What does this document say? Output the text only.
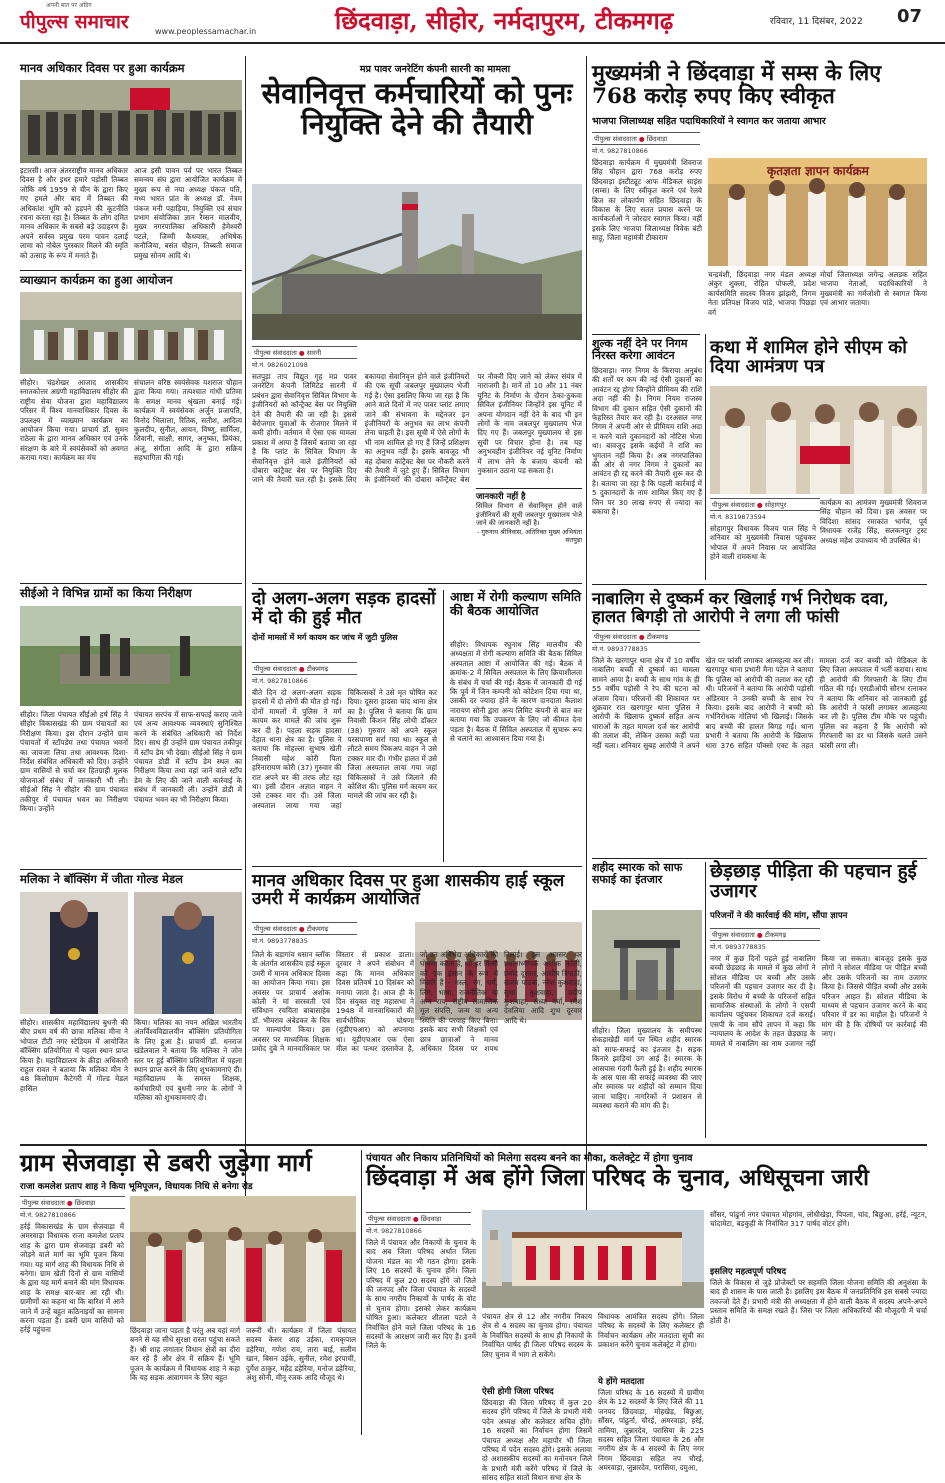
अपनी बात पर अडिग
पीपुल्स समाचार	www.peoplessamachar.in	छिंदवाड़ा, सीहोर, नर्मदापुरम, टीकमगढ़	रविवार, 11 दिसंबर, 2022 07
मानव अधिकार दिवस पर हुआ कार्यक्रम
इटारसी। आज अंतरराष्ट्रीय मानव अधिकार दिवस है और इधर हमारे पड़ोसी तिब्बत जोकि वर्ष 1959 से चीन के द्वारा किए गए हमले और बाद में तिब्बत की अधिकांश भूमि को हड़पने की कूटनीति रचना करता रहा है। तिब्बत के लोग दमित मानव अधिकार के सबसे बड़े उदाहरण हैं। अपने सर्वस्व प्रमुख परम पावन दलाई लामा को नोबेल पुरस्कार मिलने की स्मृति को उत्साह के रूप में मनाते हैं।
आज इसी पावन पर्व पर भारत तिब्बत समन्वय संघ द्वारा आयोजित कार्यक्रम में मुख्य रूप से नया अध्यक्ष पंकज पति, मध्य भारत प्रांत के अध्यक्ष डॉ. नेत्रम पंकज मनी पहाड़िया, नियुक्ति एवं संचार प्रभाग संयोजिका ज्ञान रैम्सन मालवीय, मुख्य नगरपालिका अधिकारी हेमेश्वरी पटले, जिम्मी कैथवास, अभिषेक कनौजिया, बसंत चौहान, तिब्बती समाज प्रमुख सोनम आदि थे।
व्याख्यान कार्यक्रम का हुआ आयोजन
सीहोर। चंद्रशेखर आजाद शासकीय स्नातकोत्तर अग्रणी महाविद्यालय सीहोर की राष्ट्रीय सेवा योजना द्वारा महाविद्यालय परिसर में विश्व मानवाधिकार दिवस के उपलक्ष्य में व्याख्यान कार्यक्रम का आयोजन किया गया। प्राचार्य डॉ. सुमन राठेला के द्वारा मानव अधिकार एवं उनके संरक्षण के बारे में स्वयंसेवकों को अवगत कराया गया। कार्यक्रम का मंच
संचालन वरिष्ठ स्वयंसेवक यशराज चौहान द्वारा किया गया। तत्पश्चात गांधी प्रतिमा के समक्ष मानव श्रृंखला बनाई गई। कार्यक्रम में स्वयंसेवक अर्जुन प्रजापति, विनोद भिलाला, रितिक, सतीश, आदित्य कुलदीप, सुनील, आयन, विष्णु, सार्मिला, शिवानी, साक्षी, सागर, अनुष्का, प्रियंका, अंजू, संगीता आदि के द्वारा सक्रिय सहभागिता की गई।
सीईओ ने विभिन्न ग्रामों का किया निरीक्षण
सीहोर। जिला पंचायत सीईओ हर्ष सिंह ने सीहोर विकासखंड की ग्राम पंचायतों का निरीक्षण किया। इस दौरान उन्होंने ग्राम पंचायतों में स्टॉपडेम तथा पंचायत भवनों का जायजा लिया तथा आवश्यक दिशा-निर्देश संबंधित अधिकारी को दिए। उन्होंने ग्राम वासियों से चर्चा कर हितग्राही मूलक योजनाओं संबंध में जानकारी भी ली। सीईओ सिंह ने सीहोर की ग्राम पंचायत तकीपुर में पंचायत भवन का निरीक्षण किया। उन्होंने
पंचायत सरपंच में साफ-सफाई कराए जाने एवं अन्य आवश्यक व्यवस्थाएं सुनिश्चित करने के संबंधित अधिकारी को निर्देश दिए। साथ ही उन्होंने ग्राम पंचायत तकीपुर में स्टॉप डेम भी देखा। सीईओ सिंह ने ग्राम पंचायत डोडी में स्टॉप डेम स्थल का निरीक्षण किया तथा वहां जाने वाले स्टॉप डेम के लिए की जाने वाली कार्रवाई के संबंध में जानकारी ली। उन्होंने डोडी में पंचायत भवन का भी निरीक्षण किया।
मलिका ने बॉक्सिंग में जीता गोल्ड मेडल
सीहोर। शासकीय महाविद्यालय बुधनी की बीए प्रथम वर्ष की छात्रा मलिका मीना ने भोपाल टीटी नगर स्टेडियम में आयोजित बॉक्सिंग प्रतियोगिता में पहला स्थान प्राप्त किया है। महाविद्यालय के क्रीड़ा अधिकारी राहुल रावत ने बताया कि मलिका मीन ने 48 किलोग्राम कैटेगरी में गोल्ड मेडल हासिल
किया। मलिका का नयन अखिल भारतीय अंतर्विश्वविद्यालयीन बॉक्सिंग प्रतियोगिता के लिए हुआ है। प्राचार्य डॉ. धनराज खंडेलवाल ने बताया कि मलिका ने जोन स्तर पर हुई बॉक्सिंग प्रतियोगिता में पहला स्थान प्राप्त करने के लिए शुभकामनाएं दी। महाविद्यालय के समस्त शिक्षक, कर्मचारियों एवं बुधनी नगर के लोगों ने मलिका को शुभकामनाएं दी।
मप्र पावर जनरेटिंग कंपनी सारनी का मामला
सेवानिवृत्त कर्मचारियों को पुनः नियुक्ति देने की तैयारी
पीपुल्स संवाददाता ● सारनी
मो.नं. 9826021098
सतपुड़ा ताप विद्युत गृह मप्र पावर जनरेटिंग कंपनी लिमिटेड सारनी में प्रबंधन द्वारा सेवानिवृत्त सिविल विभाग के इंजीनियरों को कॉन्ट्रैक्ट बेस पर नियुक्ति देने की तैयारी की जा रही है। इससे बेरोजगार युवाओं के रोजगार मिलने में कमी होगी। वर्तमान में ऐसा एक मामला प्रकाश में आया है जिसमें बताया जा रहा है कि प्लांट के सिविल विभाग के सेवानिवृत्त होने वाले इंजीनियरों को दोबारा कांट्रैक्ट बेस पर नियुक्ति दिए जाने की तैयारी चल रही है। इसके लिए बकायदा सेवानिवृत्त होने वाले इंजीनियरों की एक सूची जबलपुर मुख्यालय भेजी गई है। ऐसा इसलिए किया जा रहा है कि आने वाले दिनों में नए पावर प्लांट लगाए जाने की संभावना के मद्देनजर इन इंजीनियरों के अनुभव का लाभ कंपनी लेना चाहती है। इस सूची में ऐसे लोगों के भी नाम शामिल हो गए हैं जिन्हें प्रशिक्षण का अनुभव नहीं है। इसके बावजूद भी वह दोबारा कांट्रैक्ट बेस पर नौकरी करने की तैयारी में जुटे हुए हैं। सिविल विभाग के इंजीनियरों की दोबारा कॉन्ट्रैक्ट बेस पर नौकरी दिए जाने को लेकर संयंत्र में नाराजगी है। मानें तो 10 और 11 नंबर यूनिट के निर्माण के दौरान ठेका-ठुकवा सिविल इंजीनियर जिन्होंने इस यूनिट में अपना योगदान नहीं देने के बाद भी इन लोगों के नाम जबलपुर मुख्यालय भेज दिए गए हैं। जबलपुर मुख्यालय से इस सूची पर विचार होना है। तब यह अनुभवहीन इंजीनियर नई यूनिट निर्माण में लाभ लेने के बजाय कंपनी को नुकसान उठाना पड़ सकता है।
जानकारी नहीं है
सिविल विभाग से सेवानिवृत्त होने वाले इंजीनियरों की सूची जबलपुर मुख्यालय भेजे जाने की जानकारी नहीं है।
- गुरुनाथ श्रीनिवास, अतिरिक्त मुख्य अभियंता सतपुड़ा
दो अलग-अलग सड़क हादसों में दो की हुई मौत
दोनों मामलों में मर्ग कायम कर जांच में जुटी पुलिस
पीपुल्स संवाददाता ● टीकमगढ़
मो.नं. 9827810866
बीते दिन दो अलग-अलग सड़क हादसों में दो लोगों की मौत हो गई। दोनों मामलों में पुलिस ने मर्ग कायम कर मामले की जांच शुरू कर दी है। पहला सड़क हादसा देहात थाना क्षेत्र का है। पुलिस ने बताया कि मोहल्ला सुभाष खेती निवासी महेश कोरी पिता हरिनारायण कोरी (37) गुरुवार की रात अपने घर की तरफ लौट रहा था। इसी दौरान अज्ञात वाहन ने उसे टक्कर मार दी। उसे जिला अस्पताल लाया गया जहां चिकित्सकों ने उसे मृत घोषित कर दिया। दूसरा हादसा चांद थाना क्षेत्र का है। पुलिस ने बताया कि ग्राम निवासी किशन सिंह लोधी डॉक्टर (38) गुरुवार को अपने स्कूल परसपाणा सर्रा गया था। स्कूल से लौटते समय पिकअप वाहन ने उसे टक्कर मार दी। गंभीर हालत में उसे जिला अस्पताल लाया गया जहां चिकित्सकों ने उसे जिलाने की कोशिश की। पुलिस मर्ग कायम कर मामले की जांच कर रही है।
आष्टा में रोगी कल्याण समिति की बैठक आयोजित
सीहोर। विधायक रघुनाथ सिंह मालवीय की अध्यक्षता में रोगी कल्याण समिति की बैठक सिविल अस्पताल आष्टा में आयोजित की गई। बैठक में क्रमांक-2 में सिविल अस्पताल के लिए क्रियाशीलता के संबंध में चर्चा की गई। बैठक में जानकारी दी गई कि पूर्व में जिन कम्पनी को कोटेशन दिया गया था, उसकी दर ज्यादा होने के कारण दानदाता कैलाश नारायण सोनी द्वारा अन्य लिमिट कंपनी से बात कर बताया गया कि उपकरण के लिए जो कीमत देना पड़ता है। बैठक में सिविल अस्पताल में सुचारू रूप से चलाने का आश्वासन दिया गया है।
मानव अधिकार दिवस पर हुआ शासकीय हाई स्कूल उमरी में कार्यक्रम आयोजित
पीपुल्स संवाददाता ● टीकमगढ़
मो.नं. 9893778835
जिले के बड़ागांव धसान ब्लॉक के अंतर्गत शासकीय हाई स्कूल उमरी में मानव अधिकार दिवस का आयोजन किया गया। इस अवसर पर प्राचार्य अशोक कोली ने मां सरस्वती एवं संविधान रचयिता बाबासाहेब डॉ. भीमराव अंबेडकर के चित्र पर माल्यार्पण किया। इस अवसर पर माध्यमिक शिक्षक प्रमोद दुबे ने मानवाधिकार पर विस्तार से प्रकाश डाला। दूरवार ने अपने संबोधन में कहा कि मानव अधिकार दिवस प्रतिवर्ष 10 दिसंबर को मनाया जाता है। आज ही के दिन संयुक्त राष्ट्र महासभा ने 1948 में मानवाधिकारों की सार्वभौमिक घोषणा (यूडीएचआर) को अपनाया था। यूडीएचआर एक ऐसा मील का पत्थर दस्तावेज है, जो उन अविभेद्य अधिकारों की घोषणा करता है, जो हर किसी को एक इंसान के रूप में मिलते हैं - नस्ल, रंग, धर्म, लिंग, भाषा, राजनीतिक या अन्य राय, राष्ट्रीय सामाजिक मूल संपत्ति, जन्म या अन्य स्थिति की परवाह किए बिना। इसके बाद सभी शिक्षकों एवं छात्र छात्राओं ने मानव अधिकार दिवस पर शपथ दिलाई। इस अवसर पर प्रधानाध्यापक अशोक कोली, प्रमोद दूरवार, आशीष त्रिपाठी, संजय पाठक, नरेश कुशवाहा, सुधा कुशवाहा, प्रदीप कुशवाहा, संध्या वर्मा, रमेश देवलिया आदि शुभ दूरवार आदि थे।
मुख्यमंत्री ने छिंदवाड़ा में सम्स के लिए 768 करोड़ रुपए किए स्वीकृत
भाजपा जिलाध्यक्ष सहित पदाधिकारियों ने स्वागत कर जताया आभार
पीपुल्स संवाददाता ● छिंदवाड़ा
मो.नं. 9827810866
छिंदवाड़ा कार्यक्रम में मुख्यमंत्री शिवराज सिंह चौहान द्वारा 768 करोड़ रुपए छिंदवाड़ा इंस्टीट्यूट आफ मेडिकल साइंस (सम्स) के लिए स्वीकृत करने एवं रेलवे ब्रिज का लोकार्पण सहित छिंदवाड़ा के विकास के लिए सतत प्रयास करने पर कार्यकर्ताओं ने जोरदार स्वागत किया। वहीं इसके लिए भाजपा जिलाध्यक्ष विवेक बंटी साहू, जिला महामंत्री टीकाराम
कृतज्ञता ज्ञापन कार्यक्रम
चन्द्रवंशी, छिंदवाड़ा नगर मंडल अध्यक्ष अंकुर शुक्ला, रोहित पोफली, प्रदेश कार्यसमिति सदस्य विजय झांझरी, निगम नेता प्रतिपक्ष विजय पांडे, भाजपा पिछड़ा वर्ग
मोर्चा जिलाध्यक्ष जगेन्द्र अलडक सहित भाजपा नेताओं, पदाधिकारियों ने मुख्यमंत्री का गर्मजोशी से स्वागत किया एवं आभार जताया।
शुल्क नहीं देने पर निगम निरस्त करेगा आवंटन
छिंदवाड़ा। नगर निगम के किराया अनुबंध की शर्तों पर कम की नई ऐसी दुकानों का आवंटन रद्द होगा जिन्होंने प्रीमियम की राशि अदा नहीं की है। निगम नियम राजस्व विभाग की दुकान सहित ऐसी दुकानों की फेहरिस्त तैयार कर रही है। दरअसल नगर निगम ने अपनी ओर से प्रीमियम राशि अदा न करने वाले दुकानदारों को नोटिस भेजा था। बावजूद इसके कईयों ने राशि का भुगतान नहीं किया है। अब नगरपालिका की ओर से नगर निगम ने दुकानों का आवंटन ही रद्द करने की तैयारी शुरू कर दी है। बताया जा रहा है कि पहली कार्रवाई में 5 दुकानदारों के नाम शामिल किए गए हैं जिन पर 30 लाख रुपए से ज्यादा का बकाया है।
कथा में शामिल होने सीएम को दिया आमंत्रण पत्र
पीपुल्स संवाददाता ● सोहागपुर
मो.नं. 8319873594
सोहागपुर विधायक विजय पाल सिंह ने शनिवार को मुख्यमंत्री निवास पहुंचकर भोपाल में अपने निवास पर आयोजित होने वाली रामकथा के
कार्यक्रम का आमंत्रण मुख्यमंत्री शिवराज सिंह चौहान को दिया। इस अवसर पर विदिशा सांसद रमाकांत भार्गव, पूर्व विधायक राजेंद्र सिंह, सलकनपुर ट्रस्ट अध्यक्ष महेश उपाध्याय भी उपस्थित थे।
नाबालिग से दुष्कर्म कर खिलाई गर्भ निरोधक दवा, हालत बिगड़ी तो आरोपी ने लगा ली फांसी
पीपुल्स संवाददाता ● टीकमगढ़
मो.नं. 9893778835
जिले के खरगापुर थाना क्षेत्र में 10 वर्षीय नाबालिग बच्ची से दुष्कर्म का मामला सामने आया है। बच्ची के साथ गांव के ही 55 वर्षीय पड़ोसी ने रेप की घटना को अंजाम दिया। परिजनों की शिकायत पर शुक्रवार रात खरगापुर थाना पुलिस ने आरोपी के खिलाफ दुष्कर्म सहित अन्य धाराओं के तहत मामला दर्ज कर आरोपी की तलाश की, लेकिन उसका कहीं पता नहीं चला। शनिवार सुबह आरोपी ने अपने खेत पर फांसी लगाकर आत्महत्या कर ली। खरगापुर थाना प्रभारी मैना पटेल ने बताया कि पुलिस को आरोपी की तलाश कर रही थी। परिजनों ने बताया कि आरोपी पड़ोसी अंडिरवार ने उनकी बच्ची के साथ रेप किया। इसके बाद आरोपी ने बच्ची को गर्भनिरोधक गोलियां भी खिलाई। जिसके बाद बच्ची की हालत बिगड़ गई। थाना प्रभारी ने बताया कि आरोपी के खिलाफ धारा 376 सहित पॉक्सो एक्ट के तहत मामला दर्ज कर बच्ची को मेडिकल के लिए जिला अस्पताल में भर्ती कराया। साथ ही आरोपी की गिरफ्तारी के लिए टीम गठित की गई। एसडीओपी सौरभ रत्नाकर ने बताया कि शनिवार को जानकारी हुई कि आरोपी ने फांसी लगाकर आत्महत्या कर ली है। पुलिस टीम मौके पर पहुंची। पुलिस का कहना है कि आरोपी को गिरफ्तारी का डर था जिसके चलते उसने फांसी लगा ली।
शहीद स्मारक को साफ सफाई का इंतजार
सीहोर। जिला मुख्यालय के समीपस्थ सेकड़ाखेड़ी मार्ग पर स्थित शहीद स्मारक को साफ-सफाई का इंतजार है। सड़क किनारे झाड़ियां उग आई हैं। स्मारक के आसपास गंदगी फैली हुई है। शहीद स्मारक के आस पास की सफाई व्यवस्था की जाए और स्मारक पर शहीदों को सम्मान दिया जाना चाहिए। नागरिकों ने प्रशासन से व्यवस्था कराने की मांग की है।
छेड़छाड़ पीड़िता की पहचान हुई उजागर
परिजनों ने की कार्रवाई की मांग, सौंपा ज्ञापन
पीपुल्स संवाददाता ● टीकमगढ़
मो.नं. 9893778835
नगर में कुछ दिनों पहले हुई नाबालिग बच्ची छेड़छाड़ के मामले में कुछ लोगों ने सोशल मीडिया पर बच्ची और उसके परिजनों की पहचान उजागर कर दी है। इसके विरोध में बच्ची के परिजनों सहित सामाजिक संस्थाओं के लोगों ने एसपी कार्यालय पहुंचकर शिकायत दर्ज कराई। एसपी के नाम सौंपे ज्ञापन में कहा कि न्यायालय के आदेश के तहत छेड़छाड़ के मामले में नाबालिग का नाम उजागर नहीं किया जा सकता। बावजूद इसके कुछ लोगों ने सोशल मीडिया पर पीड़ित बच्ची और उसके परिजनों का नाम उजागर किया है। जिससे पीड़ित बच्ची और उसके परिजन आहत हैं। सोशल मीडिया के माध्यम से पहचान उजागर करने के बाद परिवार में डर का माहौल है। परिजनों ने मांग की है कि दोषियों पर कार्रवाई की जाए।
ग्राम सेजवाड़ा से डबरी जुड़ेगा मार्ग
राजा कमलेश प्रताप शाह ने किया भूमिपूजन, विधायक निधि से बनेगा रोड
पीपुल्स संवाददाता ● छिंदवाड़ा
मो.नं. 9827810866
हर्रई विकासखंड के ग्राम सेजवाड़ा में अमरवाड़ा विधायक राजा कमलेश प्रताप शाह के द्वारा ग्राम सेजवाड़ा डबरी को जोड़ने वाले मार्ग का भूमि पूजन किया गया। यह मार्ग शाह की विधायक निधि से बनेगा। ग्राम खेती दिनों से ग्राम वासियों के द्वारा यह मार्ग बनाने की मांग विधायक शाह के समक्ष बार-बार आ रही थी। ग्रामीणों का कहना था कि बारिश में आने जाने में उन्हें बहुत कठिनाइयों का सामना करना पड़ता है। डबरी ग्राम वासियों को हर्रई पहुंचना	छिंदवाड़ा जाना पड़ता है परंतु अब यहां मार्ग बनने से यह सीधे सुरक्षा रास्ता पहुंचा सकते हैं। श्री शाह लगातार विधान क्षेत्रों का दौरा कर रहे हैं और क्षेत्र में सक्रिय हैं। भूमि पूजन के कार्यक्रम में विधायक शाह ने कहा कि यह सड़क आवागमन के लिए बहुत
जरूरी थी। कार्यक्रम में जिला पंचायत सदस्य केसर शाह उईका, रामकृपाल डहेरिया, गणेश राय, तारा बाई, सलीम खान, बिसन उईके, सुनील, रमेश इरपाची, दुर्गेश ठाकुर, महेंद्र डहेरिया, मनोज डहेरिया, अंशु सोनी, मीनू रजक आदि मौजूद थे।
पंचायत और निकाय प्रतिनिधियों को मिलेगा सदस्य बनने का मौका, कलेक्ट्रेट में होगा चुनाव
छिंदवाड़ा में अब होंगे जिला परिषद के चुनाव, अधिसूचना जारी
पीपुल्स संवाददाता ● छिंदवाड़ा
मो.नं. 9827810866
जिले में पंचायत और निकायों के चुनाव के बाद अब जिला परिषद अर्थात जिला योजना मंडल का भी गठन होगा। इसके लिए 16 सदस्यों के चुनाव होंगे। जिला परिषद में कुल 20 सदस्य होंगे जो जिले की जनपद और जिला पंचायत के सदस्यों के साथ नगरीय निकायों के पार्षद के वोट से चुनाव होगा। इसको लेकर कार्यक्रम घोषित हुआ। कलेक्टर शीतला पटले ने निर्वाचित होने वाले जिला परिषद के 16 सदस्यों के आरक्षण जारी कर दिए हैं। इनमें जिले के
पंचायत क्षेत्र से 12 और नगरीय निकाय क्षेत्र से 4 सदस्य का चुनाव होगा। पंचायत के निर्वाचित सदस्यों के साथ ही निकायों के निर्वाचित पार्षद ही जिला परिषद सदस्य के लिए चुनाव में भाग ले सकेंगे।
ऐसी होगी जिला परिषद
छिंदवाड़ा की जिला परिषद में कुल 20 सदस्य होंगे परिषद में जिले के प्रभारी मंत्री पदेन अध्यक्ष और कलेक्टर सचिव होंगे। 16 सदस्यों का निर्वाचन होगा जिसमें पंचायत अध्यक्ष और महापौर भी जिला परिषद में पदेन सदस्य होंगे। इसके अलावा दो अशासकीय सदस्यों का मनोनयन जिले के प्रभारी मंत्री करेंगे परिषद में जिले के सांसद सहित सातों विधान सभा क्षेत्र के
विधायक आमंत्रित सदस्य होंगे। जिला परिषद के सदस्यों के लिए कलेक्टर ही निर्वाचन कार्यक्रम और मतदाता सूची का प्रकाशन करेंगे चुनाव कलेक्ट्रेट में होगा।
ये होंगे मतदाता
जिला परिषद के 16 सदस्यों में ग्रामीण क्षेत्र के 12 सदस्यों के लिए जिले की 11 जनपद छिंदवाड़ा, मोहखेड़, बिछुआ, सौंसर, पांढुर्ना, चौरई, अमरवाड़ा, हर्रई, तामिया, जुन्नारदेव, परासिया के 225 सदस्य सहित जिला पंचायत के 26 और नगरीय क्षेत्र के 4 सदस्यों के लिए नगर निगम छिंदवाड़ा सहित नप चौरई, अमरवाड़ा, जुन्नारदेव, परासिया, दमुआ,
सौंसर, पांढुर्ना नगर पंचायत मोहगांव, लोधीखेड़ा, पिपला, चांद, बिछुआ, हर्रई, न्यूटन, चांदामेटा, बड़कुही के निर्वाचित 317 पार्षद वोटर होंगे।
इसलिए महत्वपूर्ण परिषद
जिले के विकास से जुड़े प्रोजेक्टों पर सहमति जिला योजना समिति की अनुशंसा के बाद ही शासन के पास जाती है। इसलिए इस बैठक में जनप्रतिनिधि इस सबसे ज्यादा तवज्जो देते हैं। प्रभारी मंत्री की अध्यक्षता में होने वाली बैठक में सदस्य अपने-अपने प्रस्ताव समिति के समक्ष रखते हैं। जिस पर जिला अधिकारियों की मौजूदगी में चर्चा होती है।
